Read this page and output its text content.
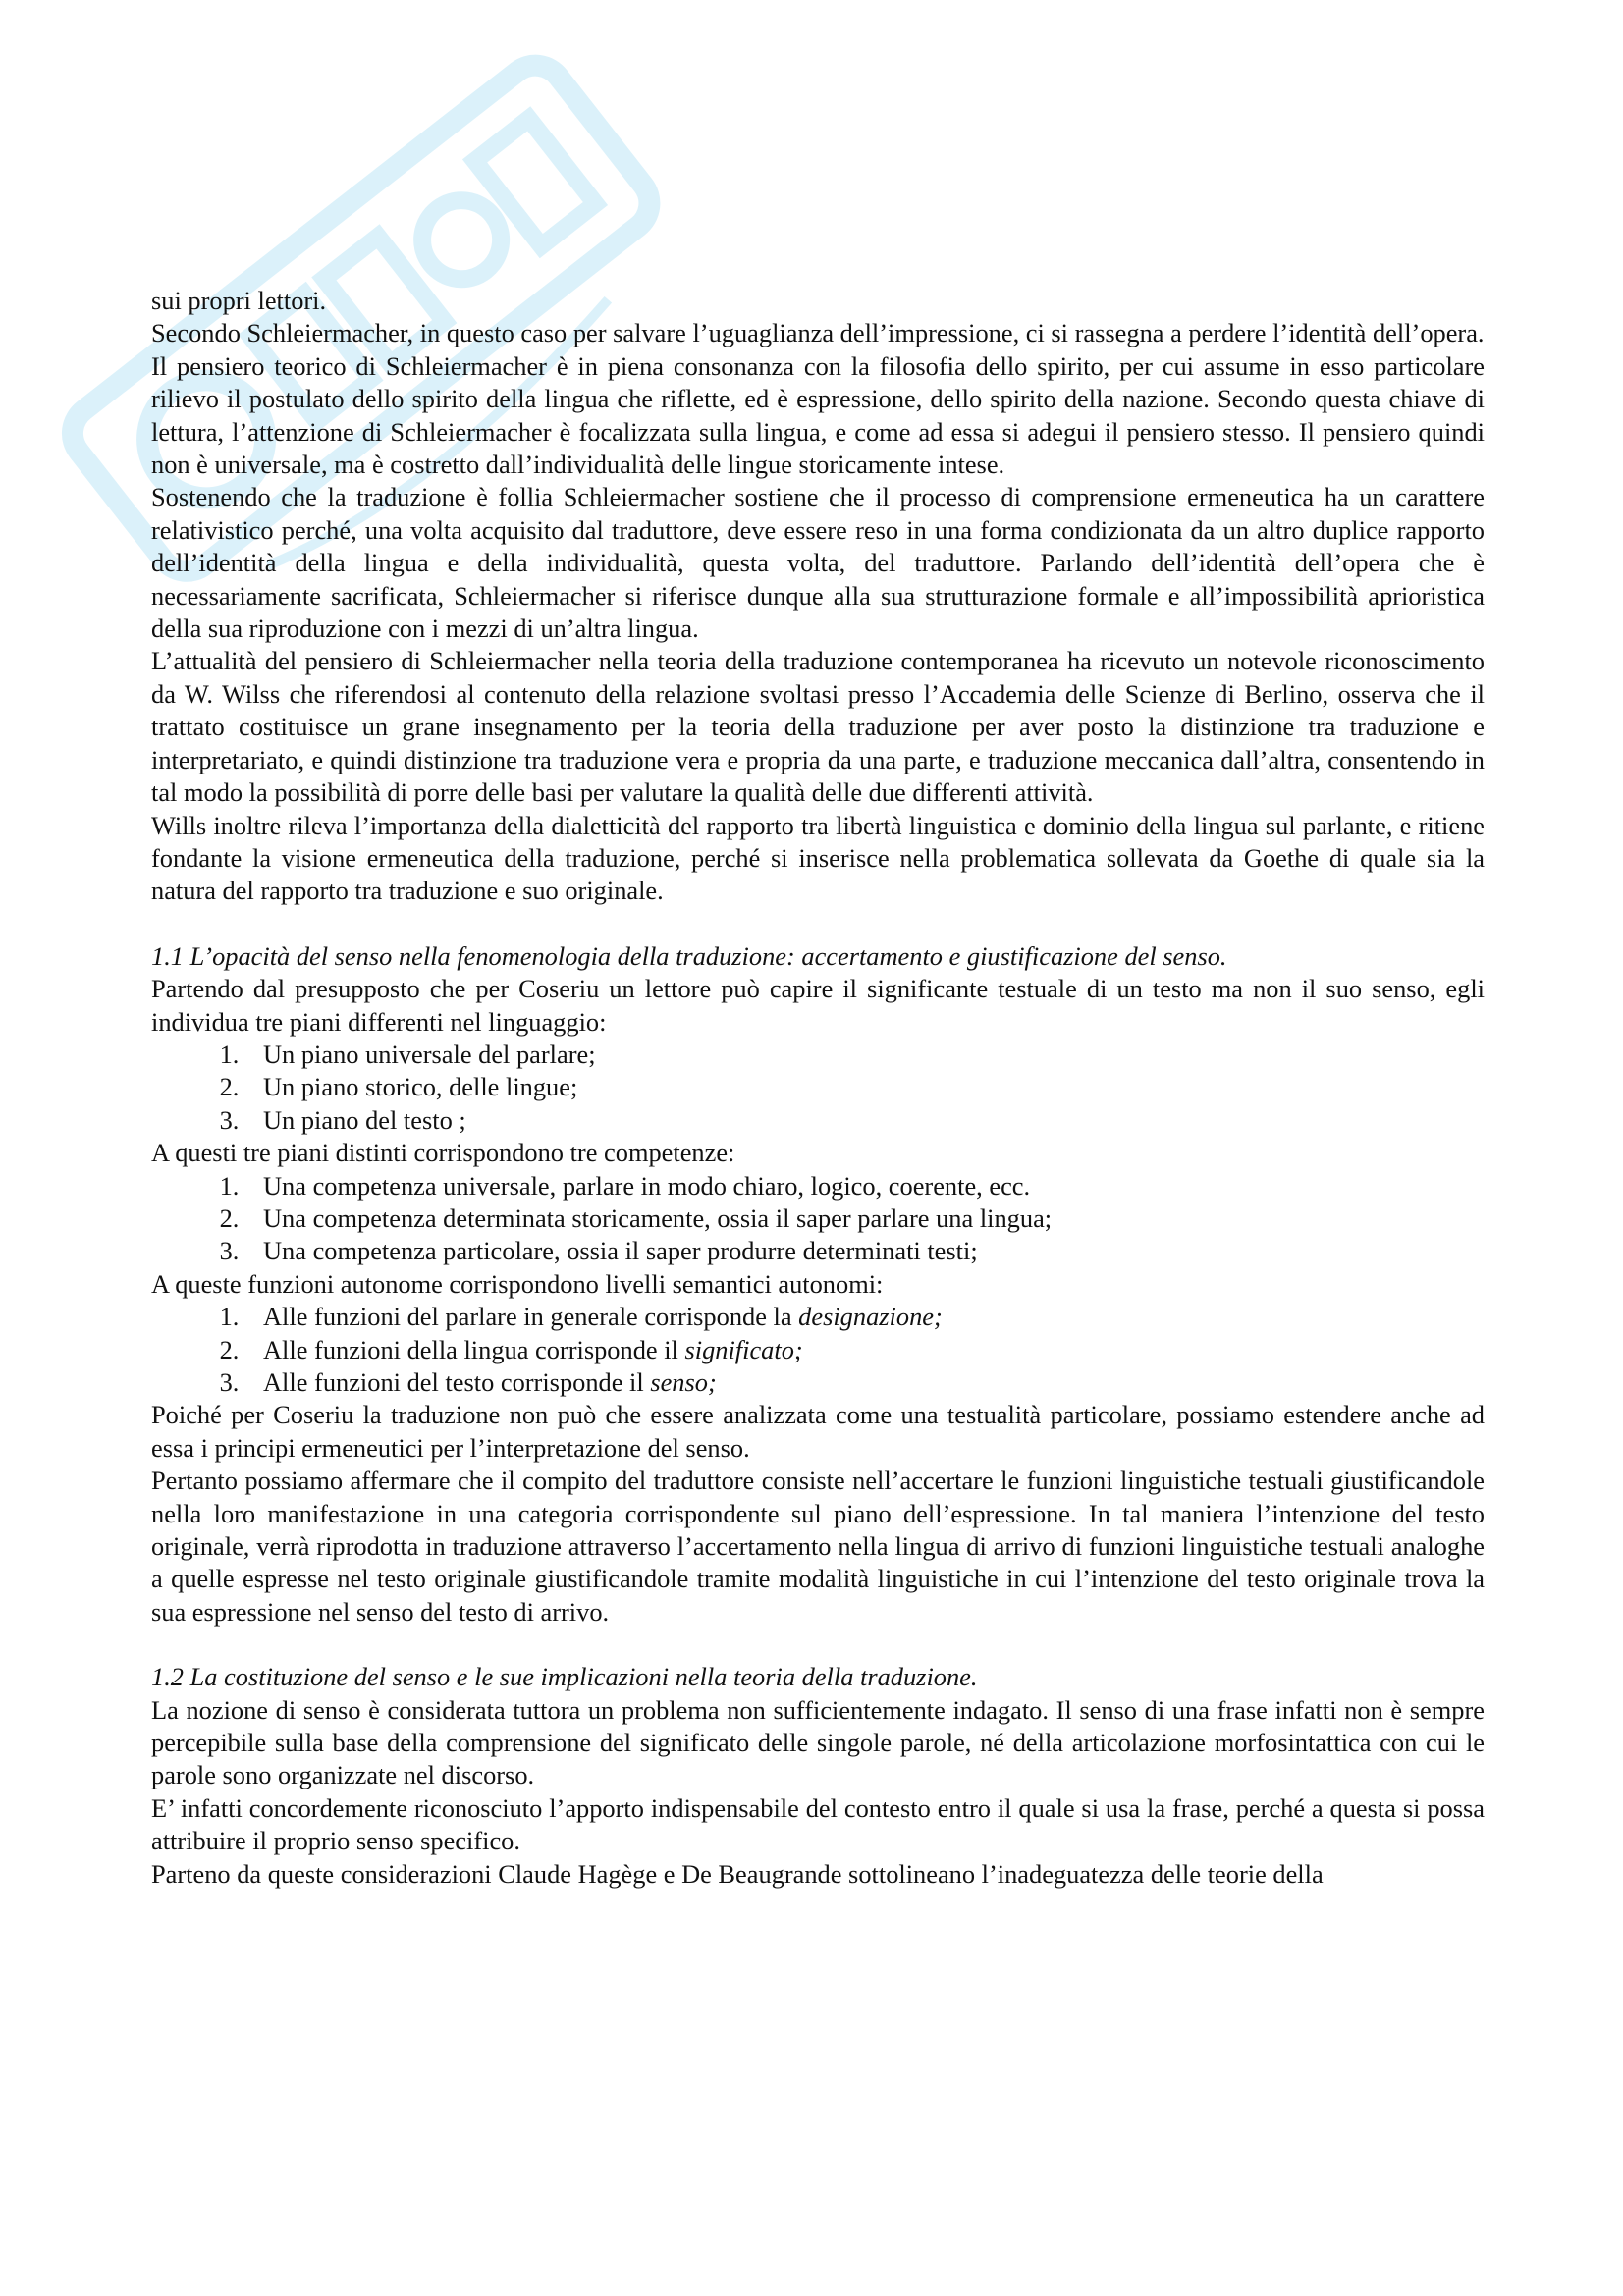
sui propri lettori.

Secondo Schleiermacher, in questo caso per salvare l’uguaglianza dell’impressione, ci si rassegna a perdere l’identità dell’opera.

Il pensiero teorico di Schleiermacher è in piena consonanza con la filosofia dello spirito, per cui assume in esso particolare rilievo il postulato dello spirito della lingua che riflette, ed è espressione, dello spirito della nazione. Secondo questa chiave di lettura, l’attenzione di Schleiermacher è focalizzata sulla lingua, e come ad essa si adegui il pensiero stesso. Il pensiero quindi non è universale, ma è costretto dall’individualità delle lingue storicamente intese.

Sostenendo che la traduzione è follia Schleiermacher sostiene che il processo di comprensione ermeneutica ha un carattere relativistico perché, una volta acquisito dal traduttore, deve essere reso in una forma condizionata da un altro duplice rapporto dell’identità della lingua e della individualità, questa volta, del traduttore. Parlando dell’identità dell’opera che è necessariamente sacrificata, Schleiermacher si riferisce dunque alla sua strutturazione formale e all’impossibilità aprioristica della sua riproduzione con i mezzi di un’altra lingua.

L’attualità del pensiero di Schleiermacher nella teoria della traduzione contemporanea ha ricevuto un notevole riconoscimento da W. Wilss che riferendosi al contenuto della relazione svoltasi presso l’Accademia delle Scienze di Berlino, osserva che il trattato costituisce un grane insegnamento per la teoria della traduzione per aver posto la distinzione tra traduzione e interpretariato, e quindi distinzione tra traduzione vera e propria da una parte, e traduzione meccanica dall’altra, consentendo in tal modo la possibilità di porre delle basi per valutare la qualità delle due differenti attività.

Wills inoltre rileva l’importanza della dialetticità del rapporto tra libertà linguistica e dominio della lingua sul parlante, e ritiene fondante la visione ermeneutica della traduzione, perché si inserisce nella problematica sollevata da Goethe di quale sia la natura del rapporto tra traduzione e suo originale.

1.1 L’opacità del senso nella fenomenologia della traduzione: accertamento e giustificazione del senso.

Partendo dal presupposto che per Coseriu un lettore può capire il significante testuale di un testo ma non il suo senso, egli individua tre piani differenti nel linguaggio:

1. Un piano universale del parlare;
2. Un piano storico, delle lingue;
3. Un piano del testo ;

A questi tre piani distinti corrispondono tre competenze:

1. Una competenza universale, parlare in modo chiaro, logico, coerente, ecc.
2. Una competenza determinata storicamente, ossia il saper parlare una lingua;
3. Una competenza particolare, ossia il saper produrre determinati testi;

A queste funzioni autonome corrispondono livelli semantici autonomi:

1. Alle funzioni del parlare in generale corrisponde la designazione;
2. Alle funzioni della lingua corrisponde il significato;
3. Alle funzioni del testo corrisponde il senso;

Poiché per Coseriu la traduzione non può che essere analizzata come una testualità particolare, possiamo estendere anche ad essa i principi ermeneutici per l’interpretazione del senso.

Pertanto possiamo affermare che il compito del traduttore consiste nell’accertare le funzioni linguistiche testuali giustificandole nella loro manifestazione in una categoria corrispondente sul piano dell’espressione. In tal maniera l’intenzione del testo originale, verrà riprodotta in traduzione attraverso l’accertamento nella lingua di arrivo di funzioni linguistiche testuali analoghe a quelle espresse nel testo originale giustificandole tramite modalità linguistiche in cui l’intenzione del testo originale trova la sua espressione nel senso del testo di arrivo.

1.2 La costituzione del senso e le sue implicazioni nella teoria della traduzione.

La nozione di senso è considerata tuttora un problema non sufficientemente indagato. Il senso di una frase infatti non è sempre percepibile sulla base della comprensione del significato delle singole parole, né della articolazione morfosintattica con cui le parole sono organizzate nel discorso.

E’ infatti concordemente riconosciuto l’apporto indispensabile del contesto entro il quale si usa la frase, perché a questa si possa attribuire il proprio senso specifico.

Parteno da queste considerazioni Claude Hagège e De Beaugrande sottolineano l’inadeguatezza delle teorie della
